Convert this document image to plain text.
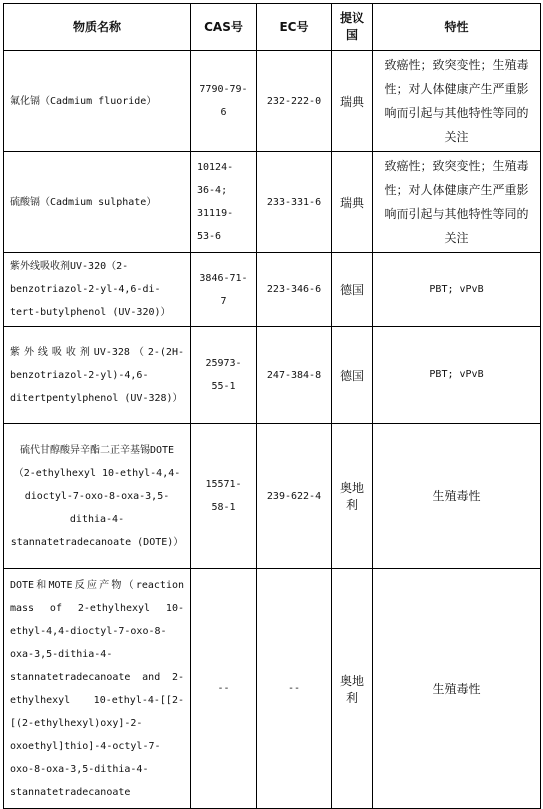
物质名称	CAS号	EC号	提议国	特性
氟化镉（Cadmium fluoride）	7790-79-6	232-222-0	瑞典	致癌性；致突变性；生殖毒性；对人体健康产生严重影响而引起与其他特性等同的关注
硫酸镉（Cadmium sulphate）	10124-36-4; 31119-53-6	233-331-6	瑞典	致癌性；致突变性；生殖毒性；对人体健康产生严重影响而引起与其他特性等同的关注
紫外线吸收剂UV-320（2-benzotriazol-2-yl-4,6-di-tert-butylphenol (UV-320)）	3846-71-7	223-346-6	德国	PBT; vPvB
紫外线吸收剂UV-328（2-(2H-benzotriazol-2-yl)-4,6-ditertpentylphenol (UV-328)）	25973-55-1	247-384-8	德国	PBT; vPvB
硫代甘醇酸异辛酯二正辛基锡DOTE（2-ethylhexyl 10-ethyl-4,4-dioctyl-7-oxo-8-oxa-3,5-dithia-4-stannatetradecanoate (DOTE)）	15571-58-1	239-622-4	奥地利	生殖毒性
DOTE和MOTE反应产物（reaction mass of 2-ethylhexyl 10-ethyl-4,4-dioctyl-7-oxo-8-oxa-3,5-dithia-4-stannatetradecanoate and 2-ethylhexyl 10-ethyl-4-[[2-[(2-ethylhexyl)oxy]-2-oxoethyl]thio]-4-octyl-7-oxo-8-oxa-3,5-dithia-4-stannatetradecanoate	--	--	奥地利	生殖毒性
